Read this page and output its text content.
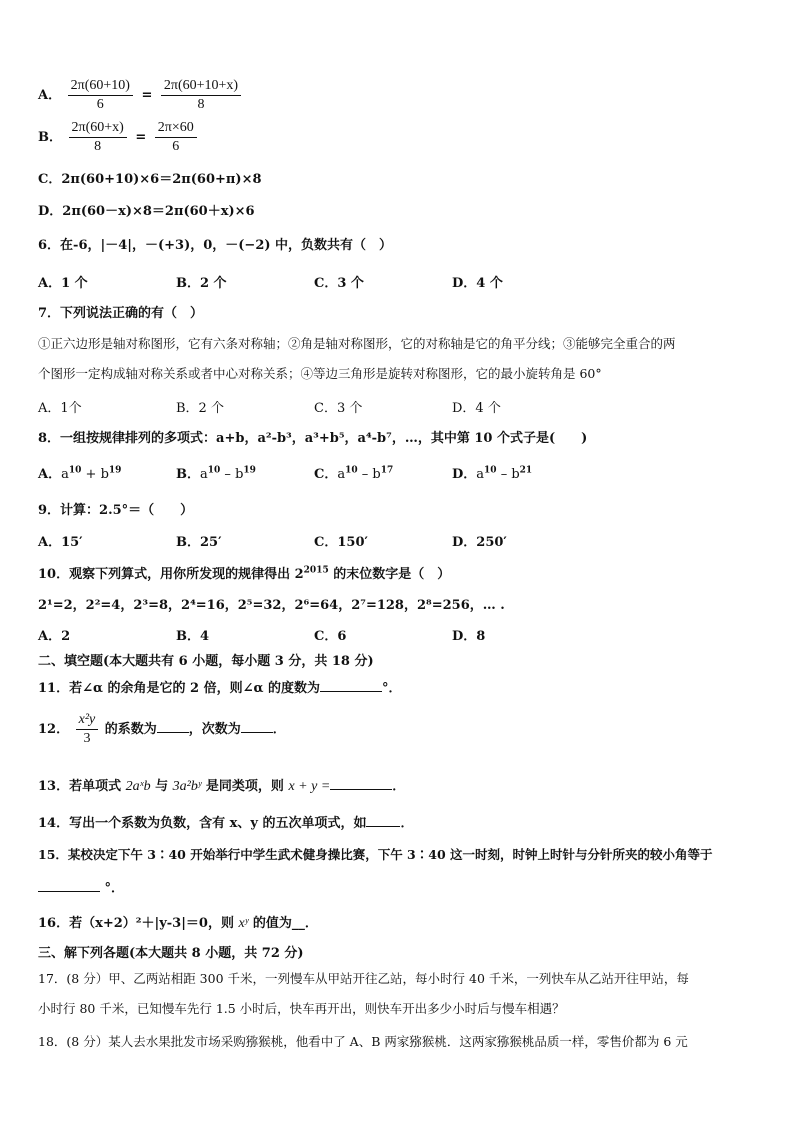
A． $\frac{2\pi(60+10)}{6} = \frac{2\pi(60+10+x)}{8}$
B． $\frac{2\pi(60+x)}{8} = \frac{2\pi\times 60}{6}$
C．2π(60+10)×6＝2π(60+π)×8
D．2π(60－x)×8＝2π(60＋x)×6
6．在-6，|－4|，－(+3)，0，－(−2) 中，负数共有（　）
A．1 个	B．2 个	C．3 个	D．4 个
7．下列说法正确的有（　）
①正六边形是轴对称图形，它有六条对称轴；②角是轴对称图形，它的对称轴是它的角平分线；③能够完全重合的两
个图形一定构成轴对称关系或者中心对称关系；④等边三角形是旋转对称图形，它的最小旋转角是 60°
A．1个	B．2 个	C．3 个	D．4 个
8．一组按规律排列的多项式：a+b，a²-b³，a³+b⁵，a⁴-b⁷，…，其中第 10 个式子是(　　)
A．$a^{10} + b^{19}$	B．$a^{10} - b^{19}$	C．$a^{10} - b^{17}$	D．$a^{10} - b^{21}$
9．计算：2.5°＝（　　）
A．15′	B．25′	C．150′	D．250′
10．观察下列算式，用你所发现的规律得出 $2^{2015}$ 的末位数字是（　）
2¹=2，2²=4，2³=8，2⁴=16，2⁵=32，2⁶=64，2⁷=128，2⁸=256，… .
A．2	B．4	C．6	D．8
二、填空题(本大题共有 6 小题，每小题 3 分，共 18 分)
11．若∠α 的余角是它的 2 倍，则∠α 的度数为	°．
12． $\frac{\text{x²y}}{3}$ 的系数为 ，次数为 ．
13．若单项式 2aˣb 与 3a²bʸ 是同类项，则 x + y =	．
14．写出一个系数为负数，含有 x、y 的五次单项式，如	．
15．某校决定下午 3∶40 开始举行中学生武术健身操比赛，下午 3∶40 这一时刻，时钟上时针与分针所夹的较小角等于
°．
16．若（x+2）²＋|y-3|＝0，则 xʸ 的值为__．
三、解下列各题(本大题共 8 小题，共 72 分)
17．(8 分）甲、乙两站相距 300 千米，一列慢车从甲站开往乙站，每小时行 40 千米，一列快车从乙站开往甲站，每
小时行 80 千米，已知慢车先行 1.5 小时后，快车再开出，则快车开出多少小时后与慢车相遇？
18．(8 分）某人去水果批发市场采购猕猴桃，他看中了 A、B 两家猕猴桃．这两家猕猴桃品质一样，零售价都为 6 元
